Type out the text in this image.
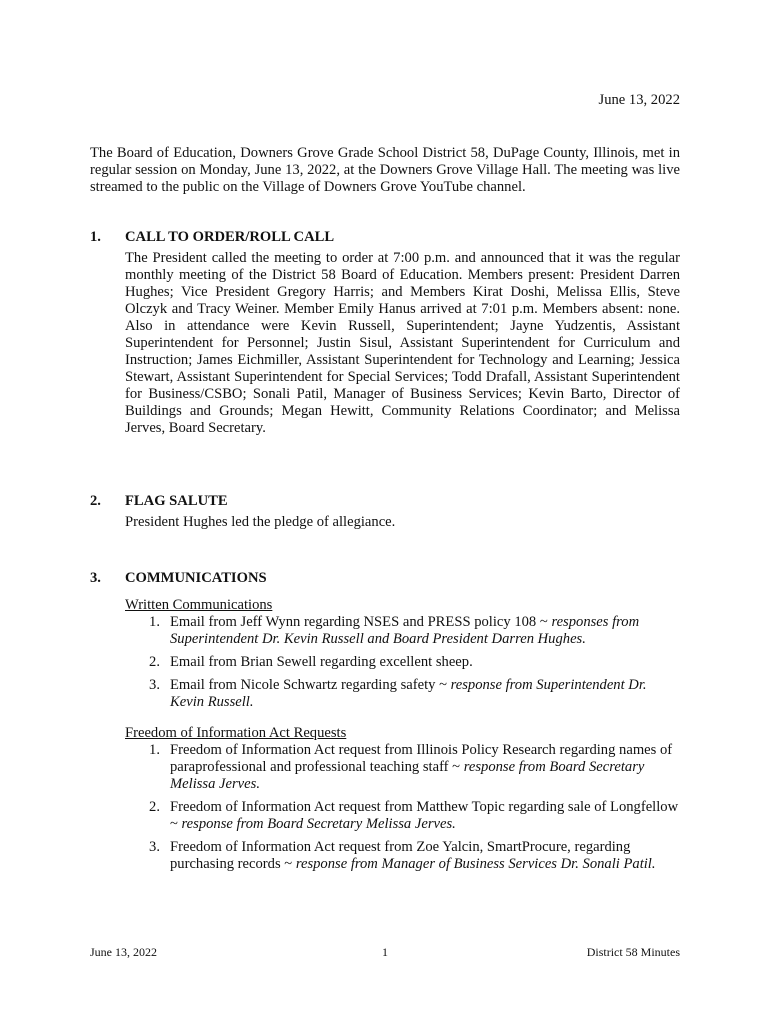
June 13, 2022
The Board of Education, Downers Grove Grade School District 58, DuPage County, Illinois, met in regular session on Monday, June 13, 2022, at the Downers Grove Village Hall. The meeting was live streamed to the public on the Village of Downers Grove YouTube channel.
1.	CALL TO ORDER/ROLL CALL
The President called the meeting to order at 7:00 p.m. and announced that it was the regular monthly meeting of the District 58 Board of Education. Members present: President Darren Hughes; Vice President Gregory Harris; and Members Kirat Doshi, Melissa Ellis, Steve Olczyk and Tracy Weiner. Member Emily Hanus arrived at 7:01 p.m. Members absent: none. Also in attendance were Kevin Russell, Superintendent; Jayne Yudzentis, Assistant Superintendent for Personnel; Justin Sisul, Assistant Superintendent for Curriculum and Instruction; James Eichmiller, Assistant Superintendent for Technology and Learning; Jessica Stewart, Assistant Superintendent for Special Services; Todd Drafall, Assistant Superintendent for Business/CSBO; Sonali Patil, Manager of Business Services; Kevin Barto, Director of Buildings and Grounds; Megan Hewitt, Community Relations Coordinator; and Melissa Jerves, Board Secretary.
2.	FLAG SALUTE
President Hughes led the pledge of allegiance.
3.	COMMUNICATIONS
Written Communications
1. Email from Jeff Wynn regarding NSES and PRESS policy 108 ~ responses from Superintendent Dr. Kevin Russell and Board President Darren Hughes.
2. Email from Brian Sewell regarding excellent sheep.
3. Email from Nicole Schwartz regarding safety ~ response from Superintendent Dr. Kevin Russell.
Freedom of Information Act Requests
1. Freedom of Information Act request from Illinois Policy Research regarding names of paraprofessional and professional teaching staff ~ response from Board Secretary Melissa Jerves.
2. Freedom of Information Act request from Matthew Topic regarding sale of Longfellow ~ response from Board Secretary Melissa Jerves.
3. Freedom of Information Act request from Zoe Yalcin, SmartProcure, regarding purchasing records ~ response from Manager of Business Services Dr. Sonali Patil.
June 13, 2022	1	District 58 Minutes
